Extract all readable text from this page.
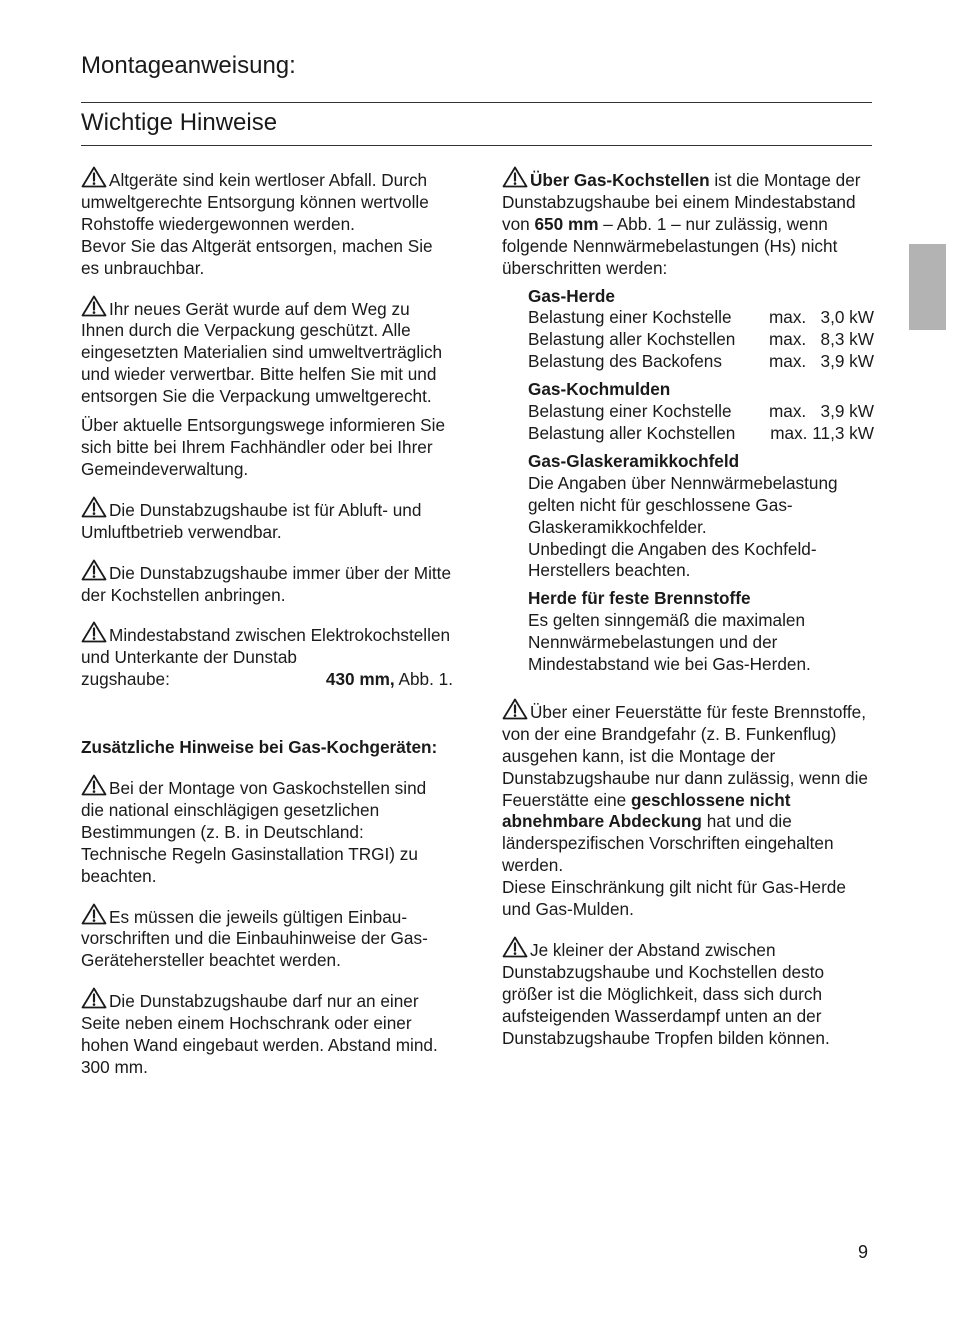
Montageanweisung:
Wichtige Hinweise

Altgeräte sind kein wertloser Abfall. Durch umweltgerechte Entsorgung können wertvolle Rohstoffe wiedergewonnen werden.

Bevor Sie das Altgerät entsorgen, machen Sie es unbrauchbar.

Ihr neues Gerät wurde auf dem Weg zu Ihnen durch die Verpackung geschützt. Alle eingesetzten Materialien sind umweltverträglich und wieder verwertbar. Bitte helfen Sie mit und entsorgen Sie die Verpackung umweltgerecht.

Über aktuelle Entsorgungswege informieren Sie sich bitte bei Ihrem Fachhändler oder bei Ihrer Gemeindeverwaltung.

Die Dunstabzugshaube ist für Abluft- und Umluftbetrieb verwendbar.

Die Dunstabzugshaube immer über der Mitte der Kochstellen anbringen.

Mindestabstand zwischen Elektrokochstellen und Unterkante der Dunstab

zugshaube:	430 mm, Abb. 1.

Zusätzliche Hinweise bei Gas-Kochgeräten:

Bei der Montage von Gaskochstellen sind die national einschlägigen gesetzlichen Bestimmungen (z. B. in Deutschland: Technische Regeln Gasinstallation TRGI) zu beachten.

Es müssen die jeweils gültigen Einbauvorschriften und die Einbauhinweise der Gas-Gerätehersteller beachtet werden.

Die Dunstabzugshaube darf nur an einer Seite neben einem Hochschrank oder einer hohen Wand eingebaut werden. Abstand mind. 300 mm.

Über Gas-Kochstellen ist die Montage der Dunstabzugshaube bei einem Mindestabstand von 650 mm – Abb. 1 – nur zulässig, wenn folgende Nennwärmebelastungen (Hs) nicht überschritten werden:

Gas-Herde

Belastung einer Kochstelle max.   3,0 kW
Belastung aller Kochstellen max.   8,3 kW
Belastung des Backofens	max.   3,9 kW

Gas-Kochmulden

Belastung einer Kochstelle max.   3,9 kW
Belastung aller Kochstellen max. 11,3 kW

Gas-Glaskeramikkochfeld

Die Angaben über Nennwärmebelastung gelten nicht für geschlossene Gas-Glaskeramikkochfelder.

Unbedingt die Angaben des Kochfeld-Herstellers beachten.

Herde für feste Brennstoffe

Es gelten sinngemäß die maximalen Nennwärmebelastungen und der Mindestabstand wie bei Gas-Herden.

Über einer Feuerstätte für feste Brennstoffe, von der eine Brandgefahr (z. B. Funkenflug) ausgehen kann, ist die Montage der Dunstabzugshaube nur dann zulässig, wenn die Feuerstätte eine geschlossene nicht abnehmbare Abdeckung hat und die länderspezifischen Vorschriften eingehalten werden.

Diese Einschränkung gilt nicht für Gas-Herde und Gas-Mulden.

Je kleiner der Abstand zwischen Dunstabzugshaube und Kochstellen desto größer ist die Möglichkeit, dass sich durch aufsteigenden Wasserdampf unten an der Dunstabzugshaube Tropfen bilden können.

9
